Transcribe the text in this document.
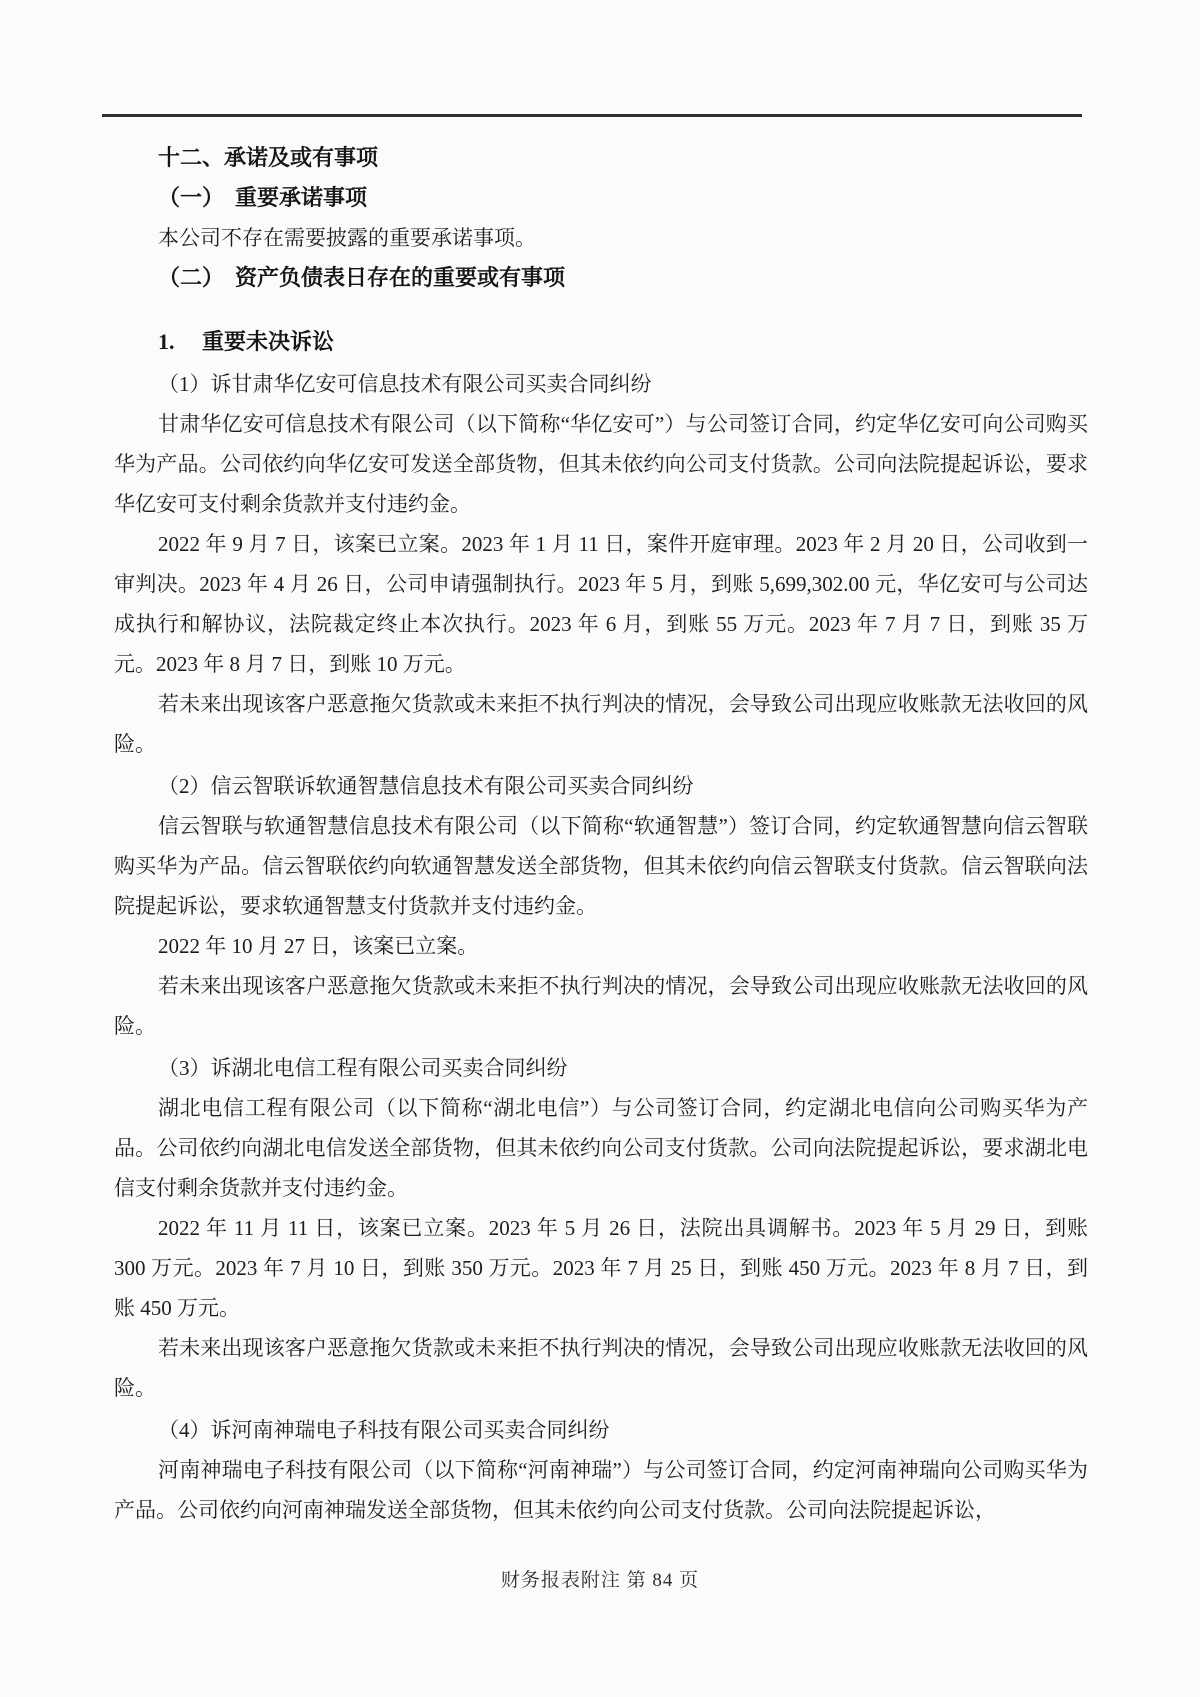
十二、承诺及或有事项
（一）　重要承诺事项

本公司不存在需要披露的重要承诺事项。

（二）　资产负债表日存在的重要或有事项
1.　 重要未决诉讼

（1）诉甘肃华亿安可信息技术有限公司买卖合同纠纷

甘肃华亿安可信息技术有限公司（以下简称“华亿安可”）与公司签订合同，约定华亿安可向公司购买华为产品。公司依约向华亿安可发送全部货物，但其未依约向公司支付货款。公司向法院提起诉讼，要求华亿安可支付剩余货款并支付违约金。

2022 年 9 月 7 日，该案已立案。2023 年 1 月 11 日，案件开庭审理。2023 年 2 月 20 日，公司收到一审判决。2023 年 4 月 26 日，公司申请强制执行。2023 年 5 月，到账 5,699,302.00 元，华亿安可与公司达成执行和解协议，法院裁定终止本次执行。2023 年 6 月，到账 55 万元。2023 年 7 月 7 日，到账 35 万元。2023 年 8 月 7 日，到账 10 万元。

若未来出现该客户恶意拖欠货款或未来拒不执行判决的情况，会导致公司出现应收账款无法收回的风险。

（2）信云智联诉软通智慧信息技术有限公司买卖合同纠纷

信云智联与软通智慧信息技术有限公司（以下简称“软通智慧”）签订合同，约定软通智慧向信云智联购买华为产品。信云智联依约向软通智慧发送全部货物，但其未依约向信云智联支付货款。信云智联向法院提起诉讼，要求软通智慧支付货款并支付违约金。

2022 年 10 月 27 日，该案已立案。

若未来出现该客户恶意拖欠货款或未来拒不执行判决的情况，会导致公司出现应收账款无法收回的风险。

（3）诉湖北电信工程有限公司买卖合同纠纷

湖北电信工程有限公司（以下简称“湖北电信”）与公司签订合同，约定湖北电信向公司购买华为产品。公司依约向湖北电信发送全部货物，但其未依约向公司支付货款。公司向法院提起诉讼，要求湖北电信支付剩余货款并支付违约金。

2022 年 11 月 11 日，该案已立案。2023 年 5 月 26 日，法院出具调解书。2023 年 5 月 29 日，到账 300 万元。2023 年 7 月 10 日，到账 350 万元。2023 年 7 月 25 日，到账 450 万元。2023 年 8 月 7 日，到账 450 万元。

若未来出现该客户恶意拖欠货款或未来拒不执行判决的情况，会导致公司出现应收账款无法收回的风险。

（4）诉河南神瑞电子科技有限公司买卖合同纠纷

河南神瑞电子科技有限公司（以下简称“河南神瑞”）与公司签订合同，约定河南神瑞向公司购买华为产品。公司依约向河南神瑞发送全部货物，但其未依约向公司支付货款。公司向法院提起诉讼，

财务报表附注 第 84 页
